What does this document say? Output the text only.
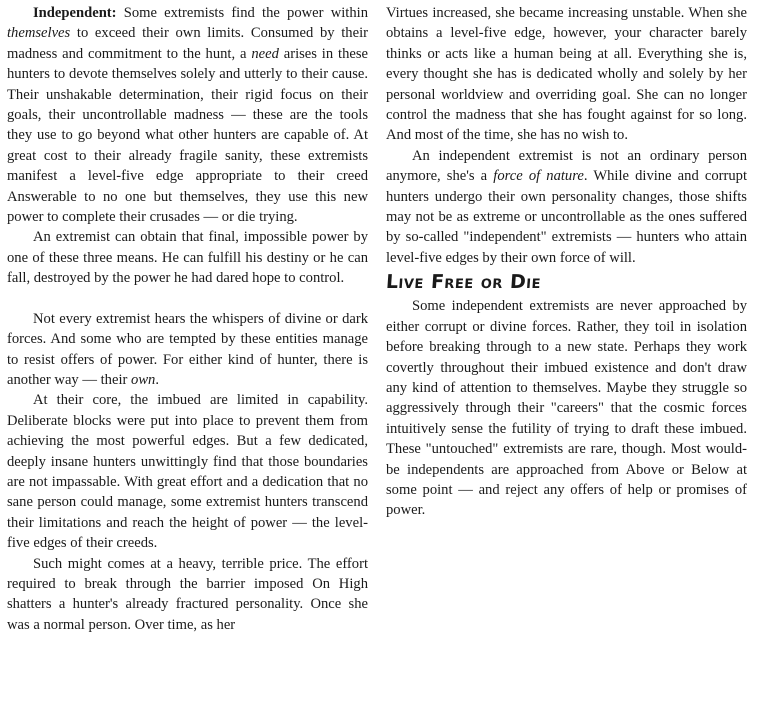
Independent: Some extremists find the power within themselves to exceed their own limits. Consumed by their madness and commitment to the hunt, a need arises in these hunters to devote themselves solely and utterly to their cause. Their unshakable determination, their rigid focus on their goals, their uncontrollable madness — these are the tools they use to go beyond what other hunters are capable of. At great cost to their already fragile sanity, these extremists manifest a level-five edge appropriate to their creed Answerable to no one but themselves, they use this new power to complete their crusades — or die trying.

An extremist can obtain that final, impossible power by one of these three means. He can fulfill his destiny or he can fall, destroyed by the power he had dared hope to control.

Not every extremist hears the whispers of divine or dark forces. And some who are tempted by these entities manage to resist offers of power. For either kind of hunter, there is another way — their own.

At their core, the imbued are limited in capability. Deliberate blocks were put into place to prevent them from achieving the most powerful edges. But a few dedicated, deeply insane hunters unwittingly find that those boundaries are not impassable. With great effort and a dedication that no sane person could manage, some extremist hunters transcend their limitations and reach the height of power — the level-five edges of their creeds.

Such might comes at a heavy, terrible price. The effort required to break through the barrier imposed On High shatters a hunter's already fractured personality. Once she was a normal person. Over time, as her

Virtues increased, she became increasing unstable. When she obtains a level-five edge, however, your character barely thinks or acts like a human being at all. Everything she is, every thought she has is dedicated wholly and solely by her personal worldview and overriding goal. She can no longer control the madness that she has fought against for so long. And most of the time, she has no wish to.

An independent extremist is not an ordinary person anymore, she's a force of nature. While divine and corrupt hunters undergo their own personality changes, those shifts may not be as extreme or uncontrollable as the ones suffered by so-called "independent" extremists — hunters who attain level-five edges by their own force of will.

Live Free or Die

Some independent extremists are never approached by either corrupt or divine forces. Rather, they toil in isolation before breaking through to a new state. Perhaps they work covertly throughout their imbued existence and don't draw any kind of attention to themselves. Maybe they struggle so aggressively through their "careers" that the cosmic forces intuitively sense the futility of trying to draft these imbued. These "untouched" extremists are rare, though. Most would-be independents are approached from Above or Below at some point — and reject any offers of help or promises of power.
